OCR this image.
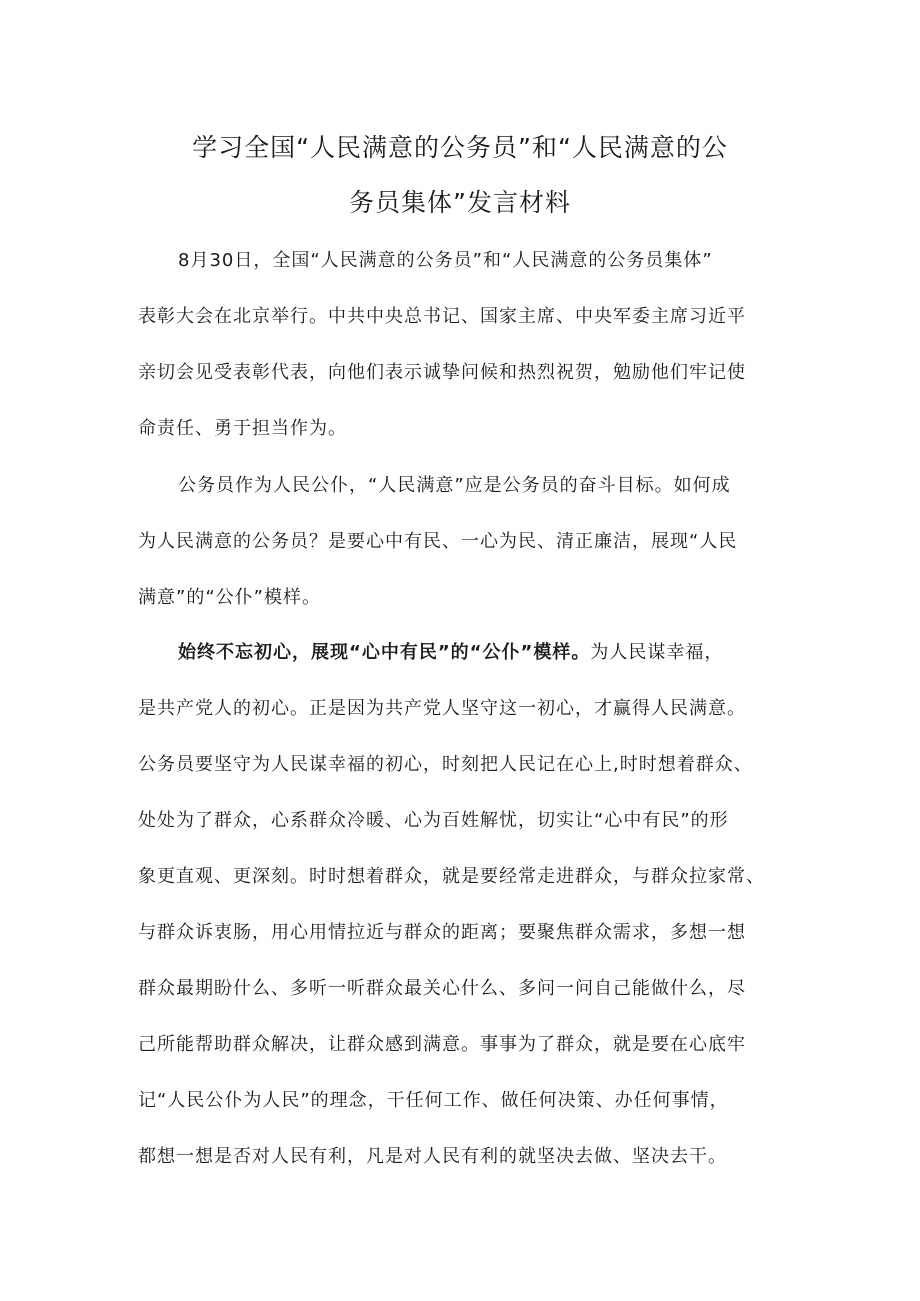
学习全国“人民满意的公务员”和“人民满意的公
务员集体”发言材料
8月30日，全国“人民满意的公务员”和“人民满意的公务员集体”
表彰大会在北京举行。中共中央总书记、国家主席、中央军委主席习近平
亲切会见受表彰代表，向他们表示诚挚问候和热烈祝贺，勉励他们牢记使
命责任、勇于担当作为。
公务员作为人民公仆，“人民满意”应是公务员的奋斗目标。如何成
为人民满意的公务员？是要心中有民、一心为民、清正廉洁，展现“人民
满意”的“公仆”模样。
始终不忘初心，展现“心中有民”的“公仆”模样。为人民谋幸福，
是共产党人的初心。正是因为共产党人坚守这一初心，才赢得人民满意。
公务员要坚守为人民谋幸福的初心，时刻把人民记在心上,时时想着群众、
处处为了群众，心系群众冷暖、心为百姓解忧，切实让“心中有民”的形
象更直观、更深刻。时时想着群众，就是要经常走进群众，与群众拉家常、
与群众诉衷肠，用心用情拉近与群众的距离；要聚焦群众需求，多想一想
群众最期盼什么、多听一听群众最关心什么、多问一问自己能做什么，尽
己所能帮助群众解决，让群众感到满意。事事为了群众，就是要在心底牢
记“人民公仆为人民”的理念，干任何工作、做任何决策、办任何事情，
都想一想是否对人民有利，凡是对人民有利的就坚决去做、坚决去干。
